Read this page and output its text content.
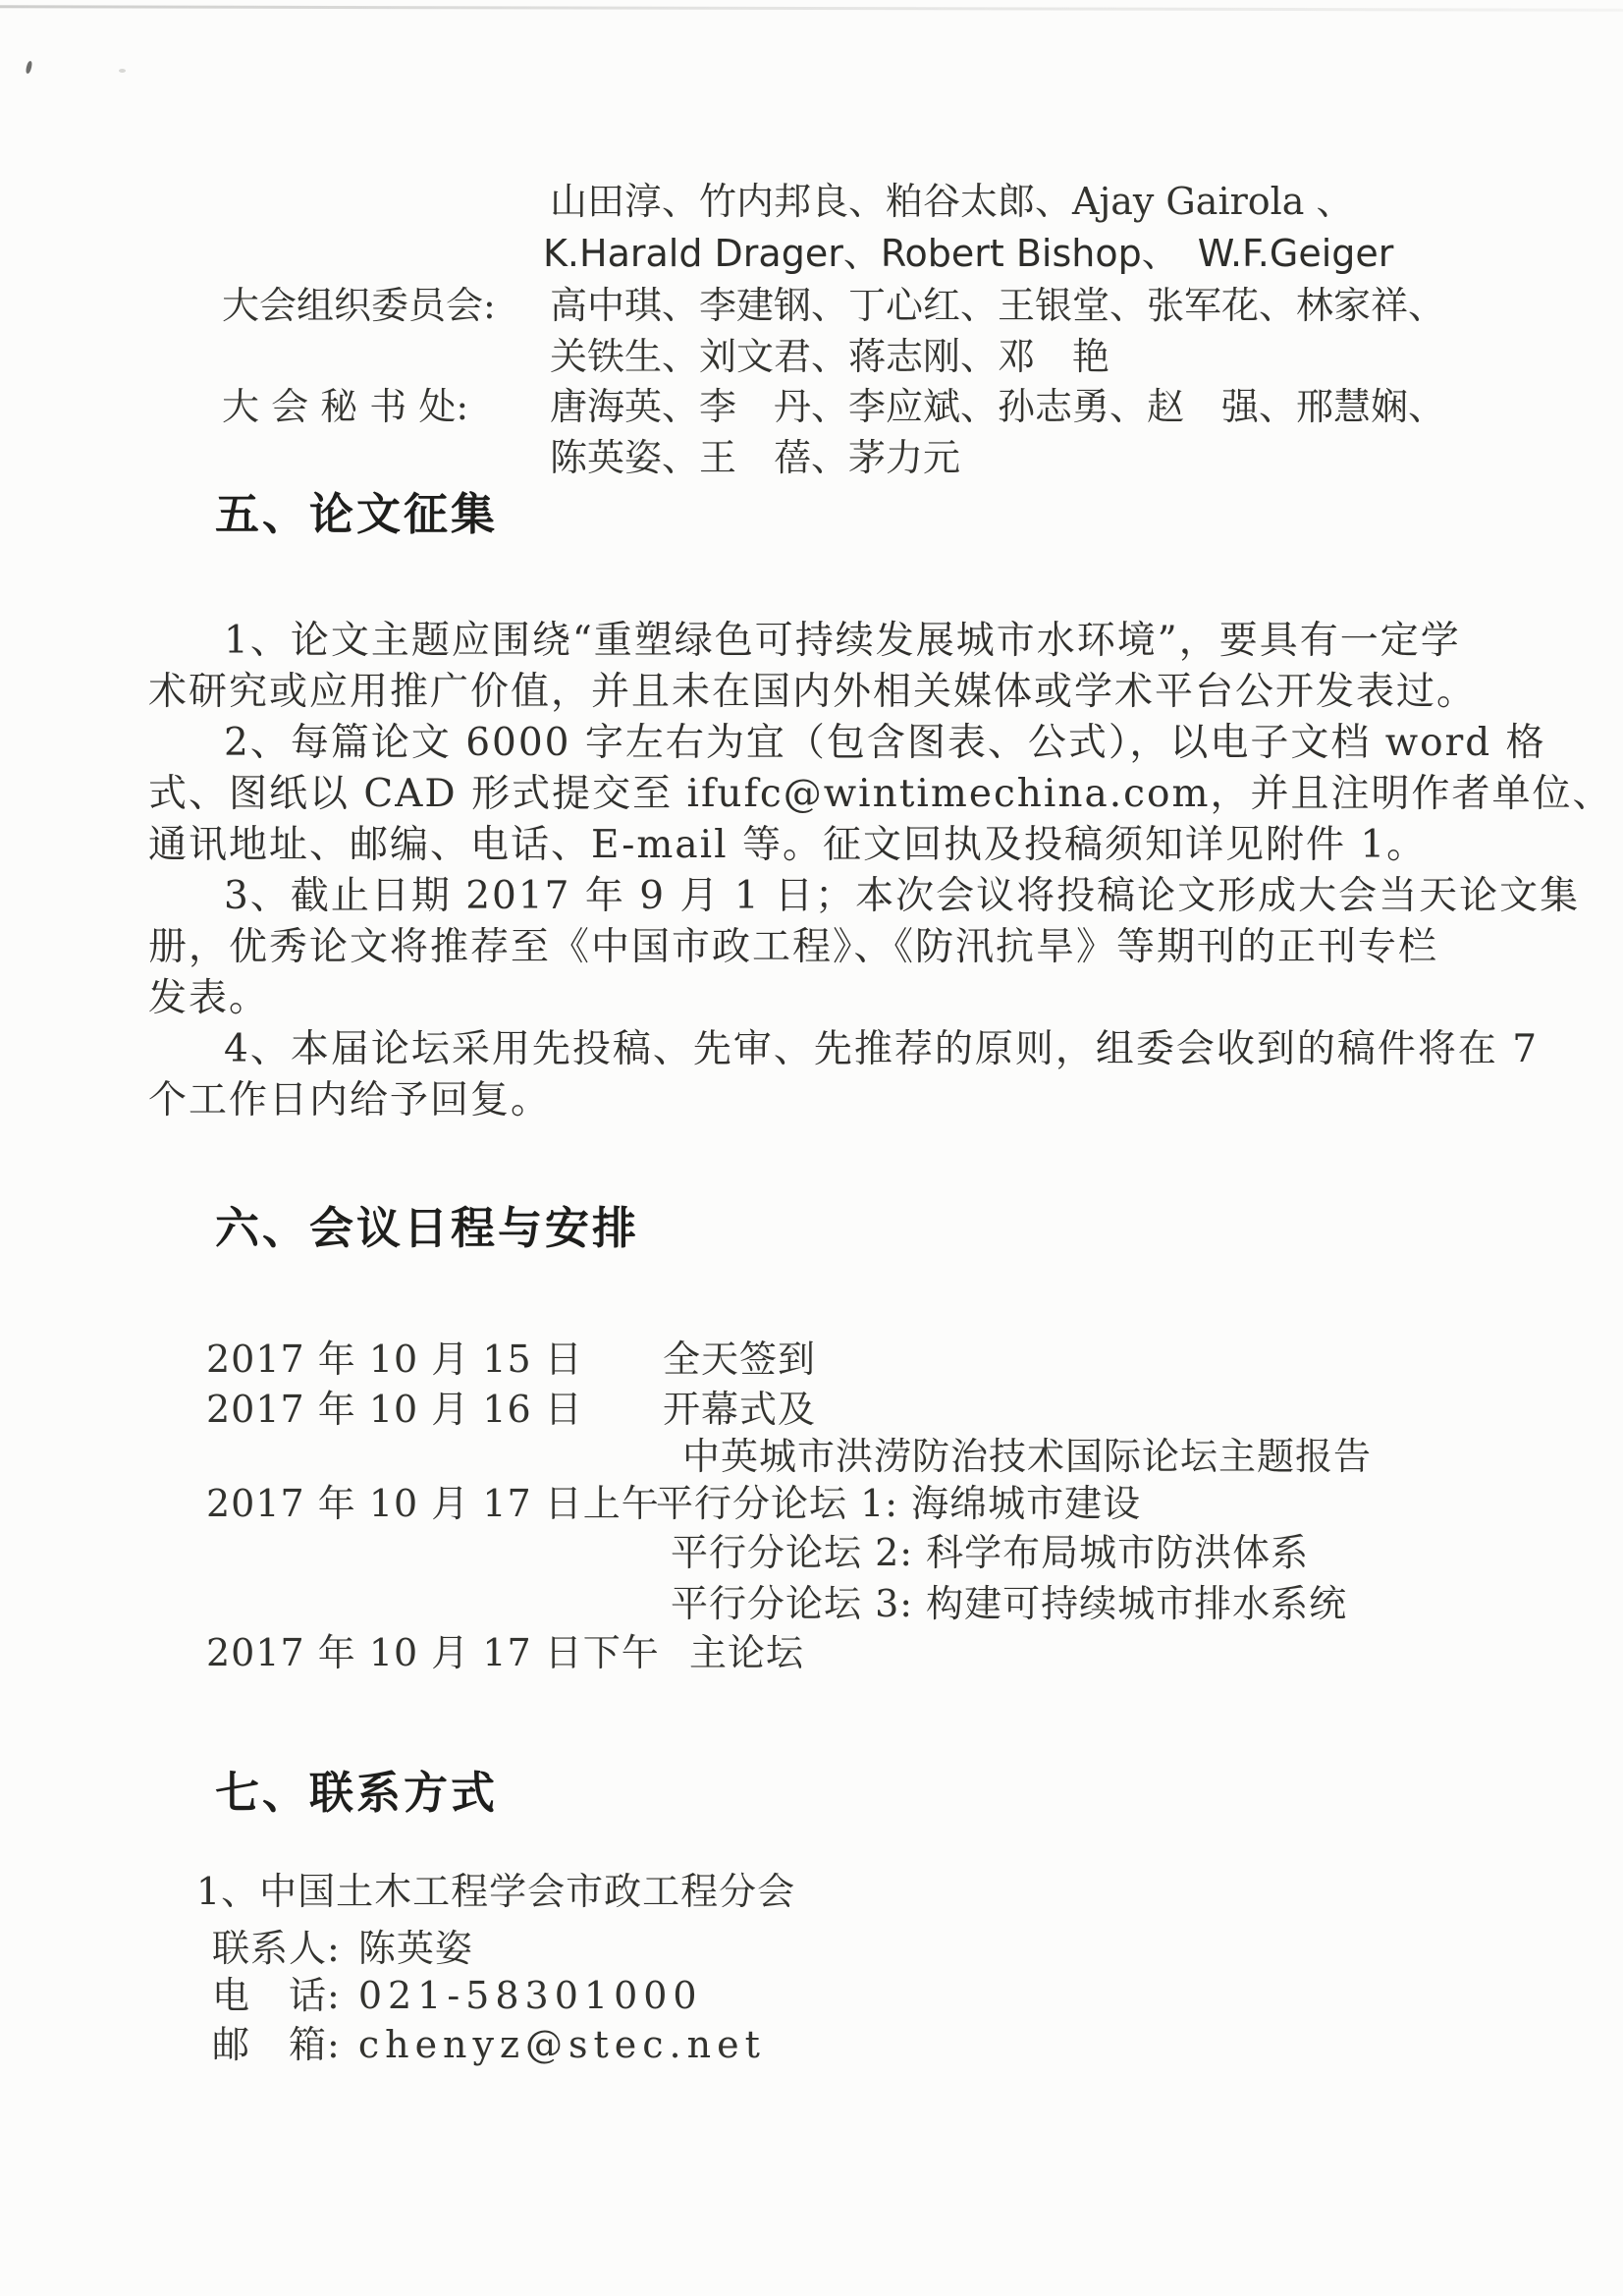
山田淳、竹内邦良、粕谷太郎、Ajay Gairola 、
K.Harald Drager、Robert Bishop、　W.F.Geiger
大会组织委员会: 高中琪、李建钢、丁心红、王银堂、张军花、林家祥、
关铁生、刘文君、蒋志刚、邓　艳
大 会 秘 书 处: 唐海英、李　丹、李应斌、孙志勇、赵　强、邢慧娴、
陈英姿、王　蓓、茅力元
五、论文征集
1、论文主题应围绕“重塑绿色可持续发展城市水环境”，要具有一定学
术研究或应用推广价值，并且未在国内外相关媒体或学术平台公开发表过。
2、每篇论文 6000 字左右为宜（包含图表、公式），以电子文档 word 格
式、图纸以 CAD 形式提交至 ifufc@wintimechina.com，并且注明作者单位、
通讯地址、邮编、电话、E-mail 等。征文回执及投稿须知详见附件 1。
3、截止日期 2017 年 9 月 1 日；本次会议将投稿论文形成大会当天论文集
册，优秀论文将推荐至《中国市政工程》、《防汛抗旱》等期刊的正刊专栏
发表。
4、本届论坛采用先投稿、先审、先推荐的原则，组委会收到的稿件将在 7
个工作日内给予回复。
六、会议日程与安排
2017 年 10 月 15 日 全天签到
2017 年 10 月 16 日 开幕式及
中英城市洪涝防治技术国际论坛主题报告
2017 年 10 月 17 日上午
平行分论坛 1: 海绵城市建设
平行分论坛 2: 科学布局城市防洪体系
平行分论坛 3: 构建可持续城市排水系统
2017 年 10 月 17 日下午 主论坛
七、联系方式
1、中国土木工程学会市政工程分会
联系人: 陈英姿
电　话: 021-58301000
邮　箱: chenyz@stec.net
